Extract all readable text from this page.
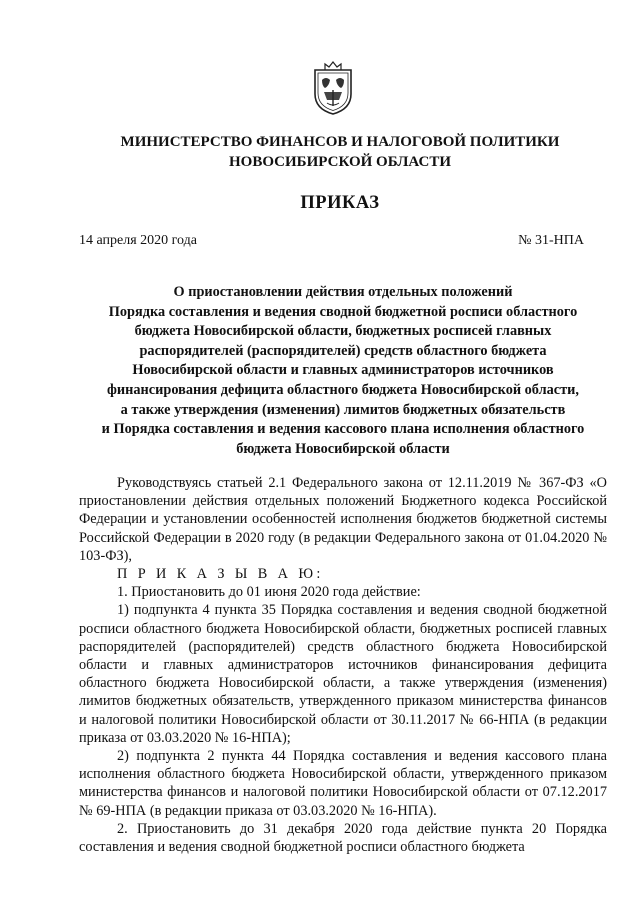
МИНИСТЕРСТВО ФИНАНСОВ И НАЛОГОВОЙ ПОЛИТИКИ
НОВОСИБИРСКОЙ ОБЛАСТИ
ПРИКАЗ
14 апреля 2020 года	№ 31-НПА
О приостановлении действия отдельных положений
Порядка составления и ведения сводной бюджетной росписи областного
бюджета Новосибирской области, бюджетных росписей главных
распорядителей (распорядителей) средств областного бюджета
Новосибирской области и главных администраторов источников
финансирования дефицита областного бюджета Новосибирской области,
а также утверждения (изменения) лимитов бюджетных обязательств
и Порядка составления и ведения кассового плана исполнения областного
бюджета Новосибирской области

Руководствуясь статьей 2.1 Федерального закона от 12.11.2019 № 367-ФЗ «О приостановлении действия отдельных положений Бюджетного кодекса Российской Федерации и установлении особенностей исполнения бюджетов бюджетной системы Российской Федерации в 2020 году (в редакции Федерального закона от 01.04.2020 № 103-ФЗ),

П Р И К А З Ы В А Ю:

1. Приостановить до 01 июня 2020 года действие:

1) подпункта 4 пункта 35 Порядка составления и ведения сводной бюджетной росписи областного бюджета Новосибирской области, бюджетных росписей главных распорядителей (распорядителей) средств областного бюджета Новосибирской области и главных администраторов источников финансирования дефицита областного бюджета Новосибирской области, а также утверждения (изменения) лимитов бюджетных обязательств, утвержденного приказом министерства финансов и налоговой политики Новосибирской области от 30.11.2017 № 66-НПА (в редакции приказа от 03.03.2020 № 16-НПА);

2) подпункта 2 пункта 44 Порядка составления и ведения кассового плана исполнения областного бюджета Новосибирской области, утвержденного приказом министерства финансов и налоговой политики Новосибирской области от 07.12.2017 № 69-НПА (в редакции приказа от 03.03.2020 № 16-НПА).

2. Приостановить до 31 декабря 2020 года действие пункта 20 Порядка составления и ведения сводной бюджетной росписи областного бюджета
